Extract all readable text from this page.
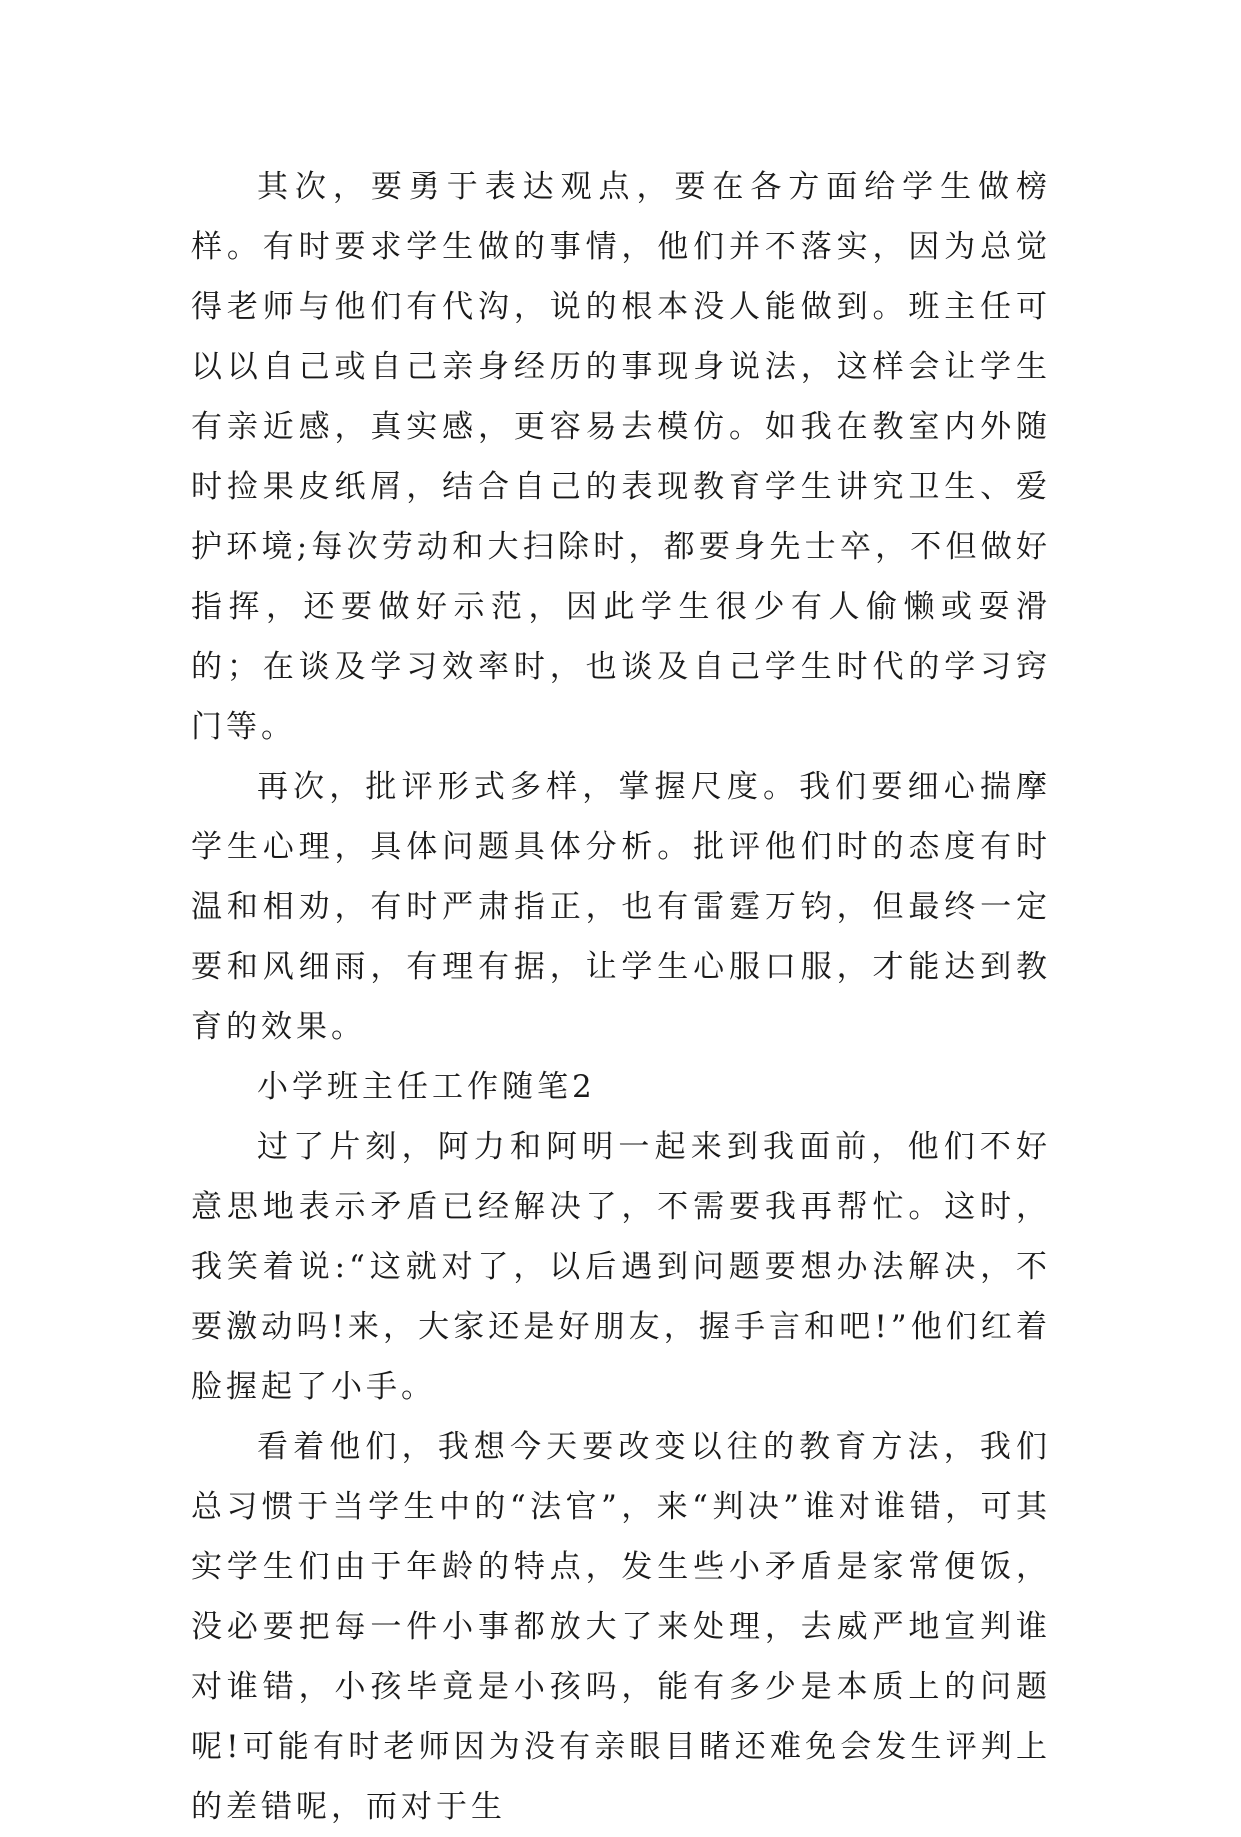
其次，要勇于表达观点，要在各方面给学生做榜样。有时要求学生做的事情，他们并不落实，因为总觉得老师与他们有代沟，说的根本没人能做到。班主任可以以自己或自己亲身经历的事现身说法，这样会让学生有亲近感，真实感，更容易去模仿。如我在教室内外随时捡果皮纸屑，结合自己的表现教育学生讲究卫生、爱护环境;每次劳动和大扫除时，都要身先士卒，不但做好指挥，还要做好示范，因此学生很少有人偷懒或耍滑的；在谈及学习效率时，也谈及自己学生时代的学习窍门等。

再次，批评形式多样，掌握尺度。我们要细心揣摩学生心理，具体问题具体分析。批评他们时的态度有时温和相劝，有时严肃指正，也有雷霆万钧，但最终一定要和风细雨，有理有据，让学生心服口服，才能达到教育的效果。

小学班主任工作随笔2

过了片刻，阿力和阿明一起来到我面前，他们不好意思地表示矛盾已经解决了，不需要我再帮忙。这时，我笑着说:“这就对了，以后遇到问题要想办法解决，不要激动吗!来，大家还是好朋友，握手言和吧!”他们红着脸握起了小手。

看着他们，我想今天要改变以往的教育方法，我们总习惯于当学生中的“法官”，来“判决”谁对谁错，可其实学生们由于年龄的特点，发生些小矛盾是家常便饭，没必要把每一件小事都放大了来处理，去威严地宣判谁对谁错，小孩毕竟是小孩吗，能有多少是本质上的问题呢!可能有时老师因为没有亲眼目睹还难免会发生评判上的差错呢，而对于生
